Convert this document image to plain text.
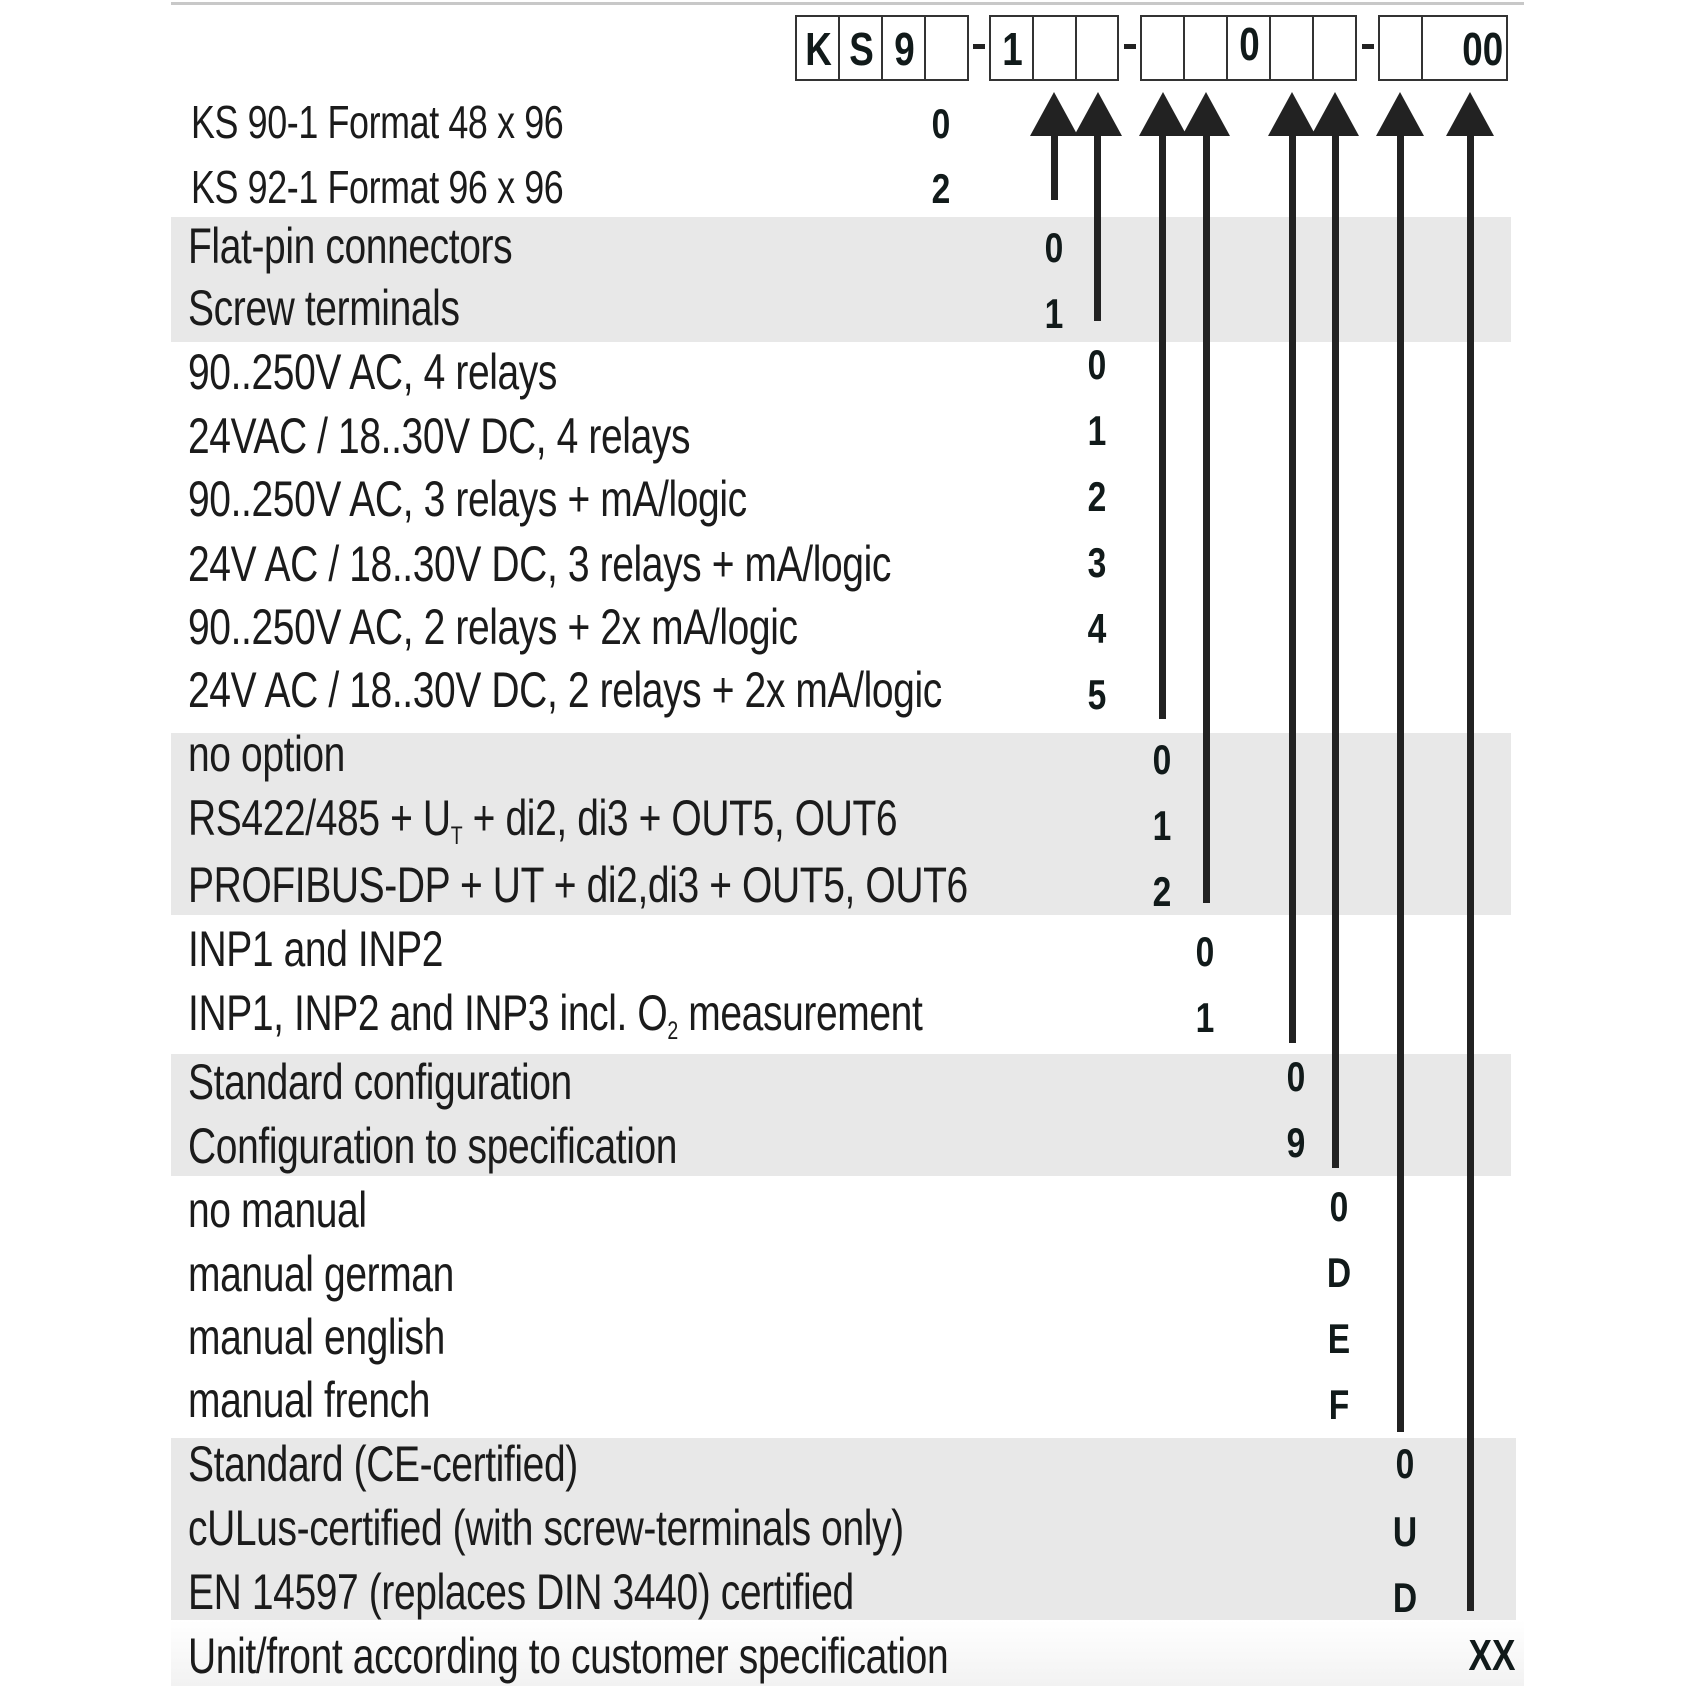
K S 9 1	0	00
KS 90-1 Format 48 x 96	0
KS 92-1 Format 96 x 96	2
Flat-pin connectors	0
Screw terminals	1
90..250V AC, 4 relays	0
24VAC / 18..30V DC, 4 relays	1
90..250V AC, 3 relays + mA/logic	2
24V AC / 18..30V DC, 3 relays + mA/logic	3
90..250V AC, 2 relays + 2x mA/logic	4
24V AC / 18..30V DC, 2 relays + 2x mA/logic	5
no option	0
$RS422/485 + U_T + di2$, di3 + OUT5, OUT6	1
PROFIBUS-DP + UT + di2,di3 + OUT5, OUT6	2
INP1 and INP2	0
INP1, INP2 and INP3 incl. $O_2$ measurement	1
Standard configuration	0
Configuration to specification	9
no manual	0
manual german	D
manual english	E
manual french	F
Standard (CE-certified)	0
cULus-certified (with screw-terminals only)	U
EN 14597 (replaces DIN 3440) certified	D
Unit/front according to customer specification	XX
